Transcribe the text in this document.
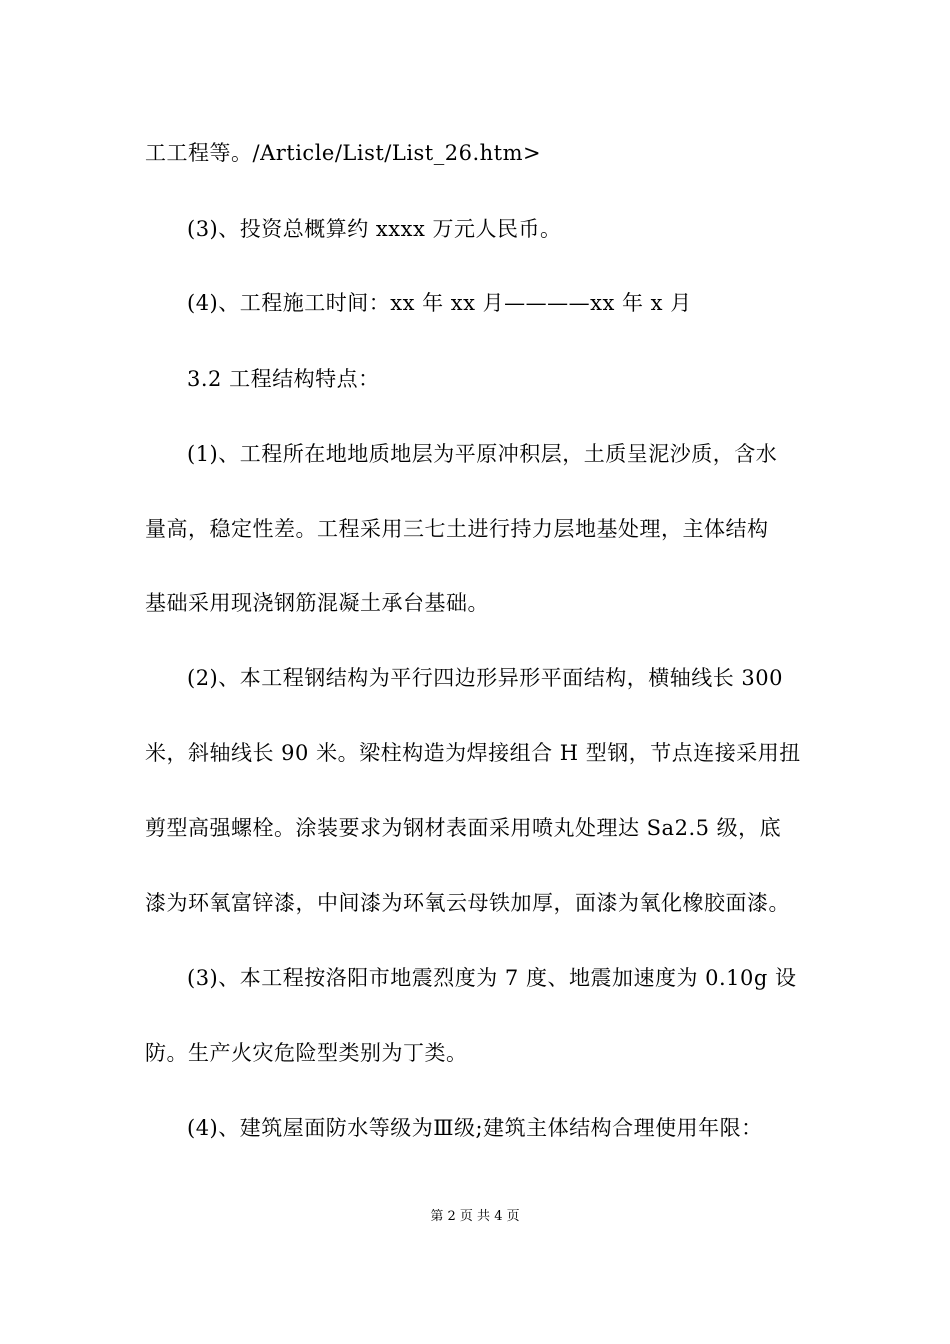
工工程等。/Article/List/List_26.htm>
(3)、投资总概算约 xxxx 万元人民币。
(4)、工程施工时间：xx 年 xx 月————xx 年 x 月
3.2 工程结构特点：
(1)、工程所在地地质地层为平原冲积层，土质呈泥沙质，含水
量高，稳定性差。工程采用三七土进行持力层地基处理，主体结构
基础采用现浇钢筋混凝土承台基础。
(2)、本工程钢结构为平行四边形异形平面结构，横轴线长 300
米，斜轴线长 90 米。梁柱构造为焊接组合 H 型钢，节点连接采用扭
剪型高强螺栓。涂装要求为钢材表面采用喷丸处理达 Sa2.5 级，底
漆为环氧富锌漆，中间漆为环氧云母铁加厚，面漆为氧化橡胶面漆。
(3)、本工程按洛阳市地震烈度为 7 度、地震加速度为 0.10g 设
防。生产火灾危险型类别为丁类。
(4)、建筑屋面防水等级为Ⅲ级;建筑主体结构合理使用年限：
第 2 页 共 4 页
